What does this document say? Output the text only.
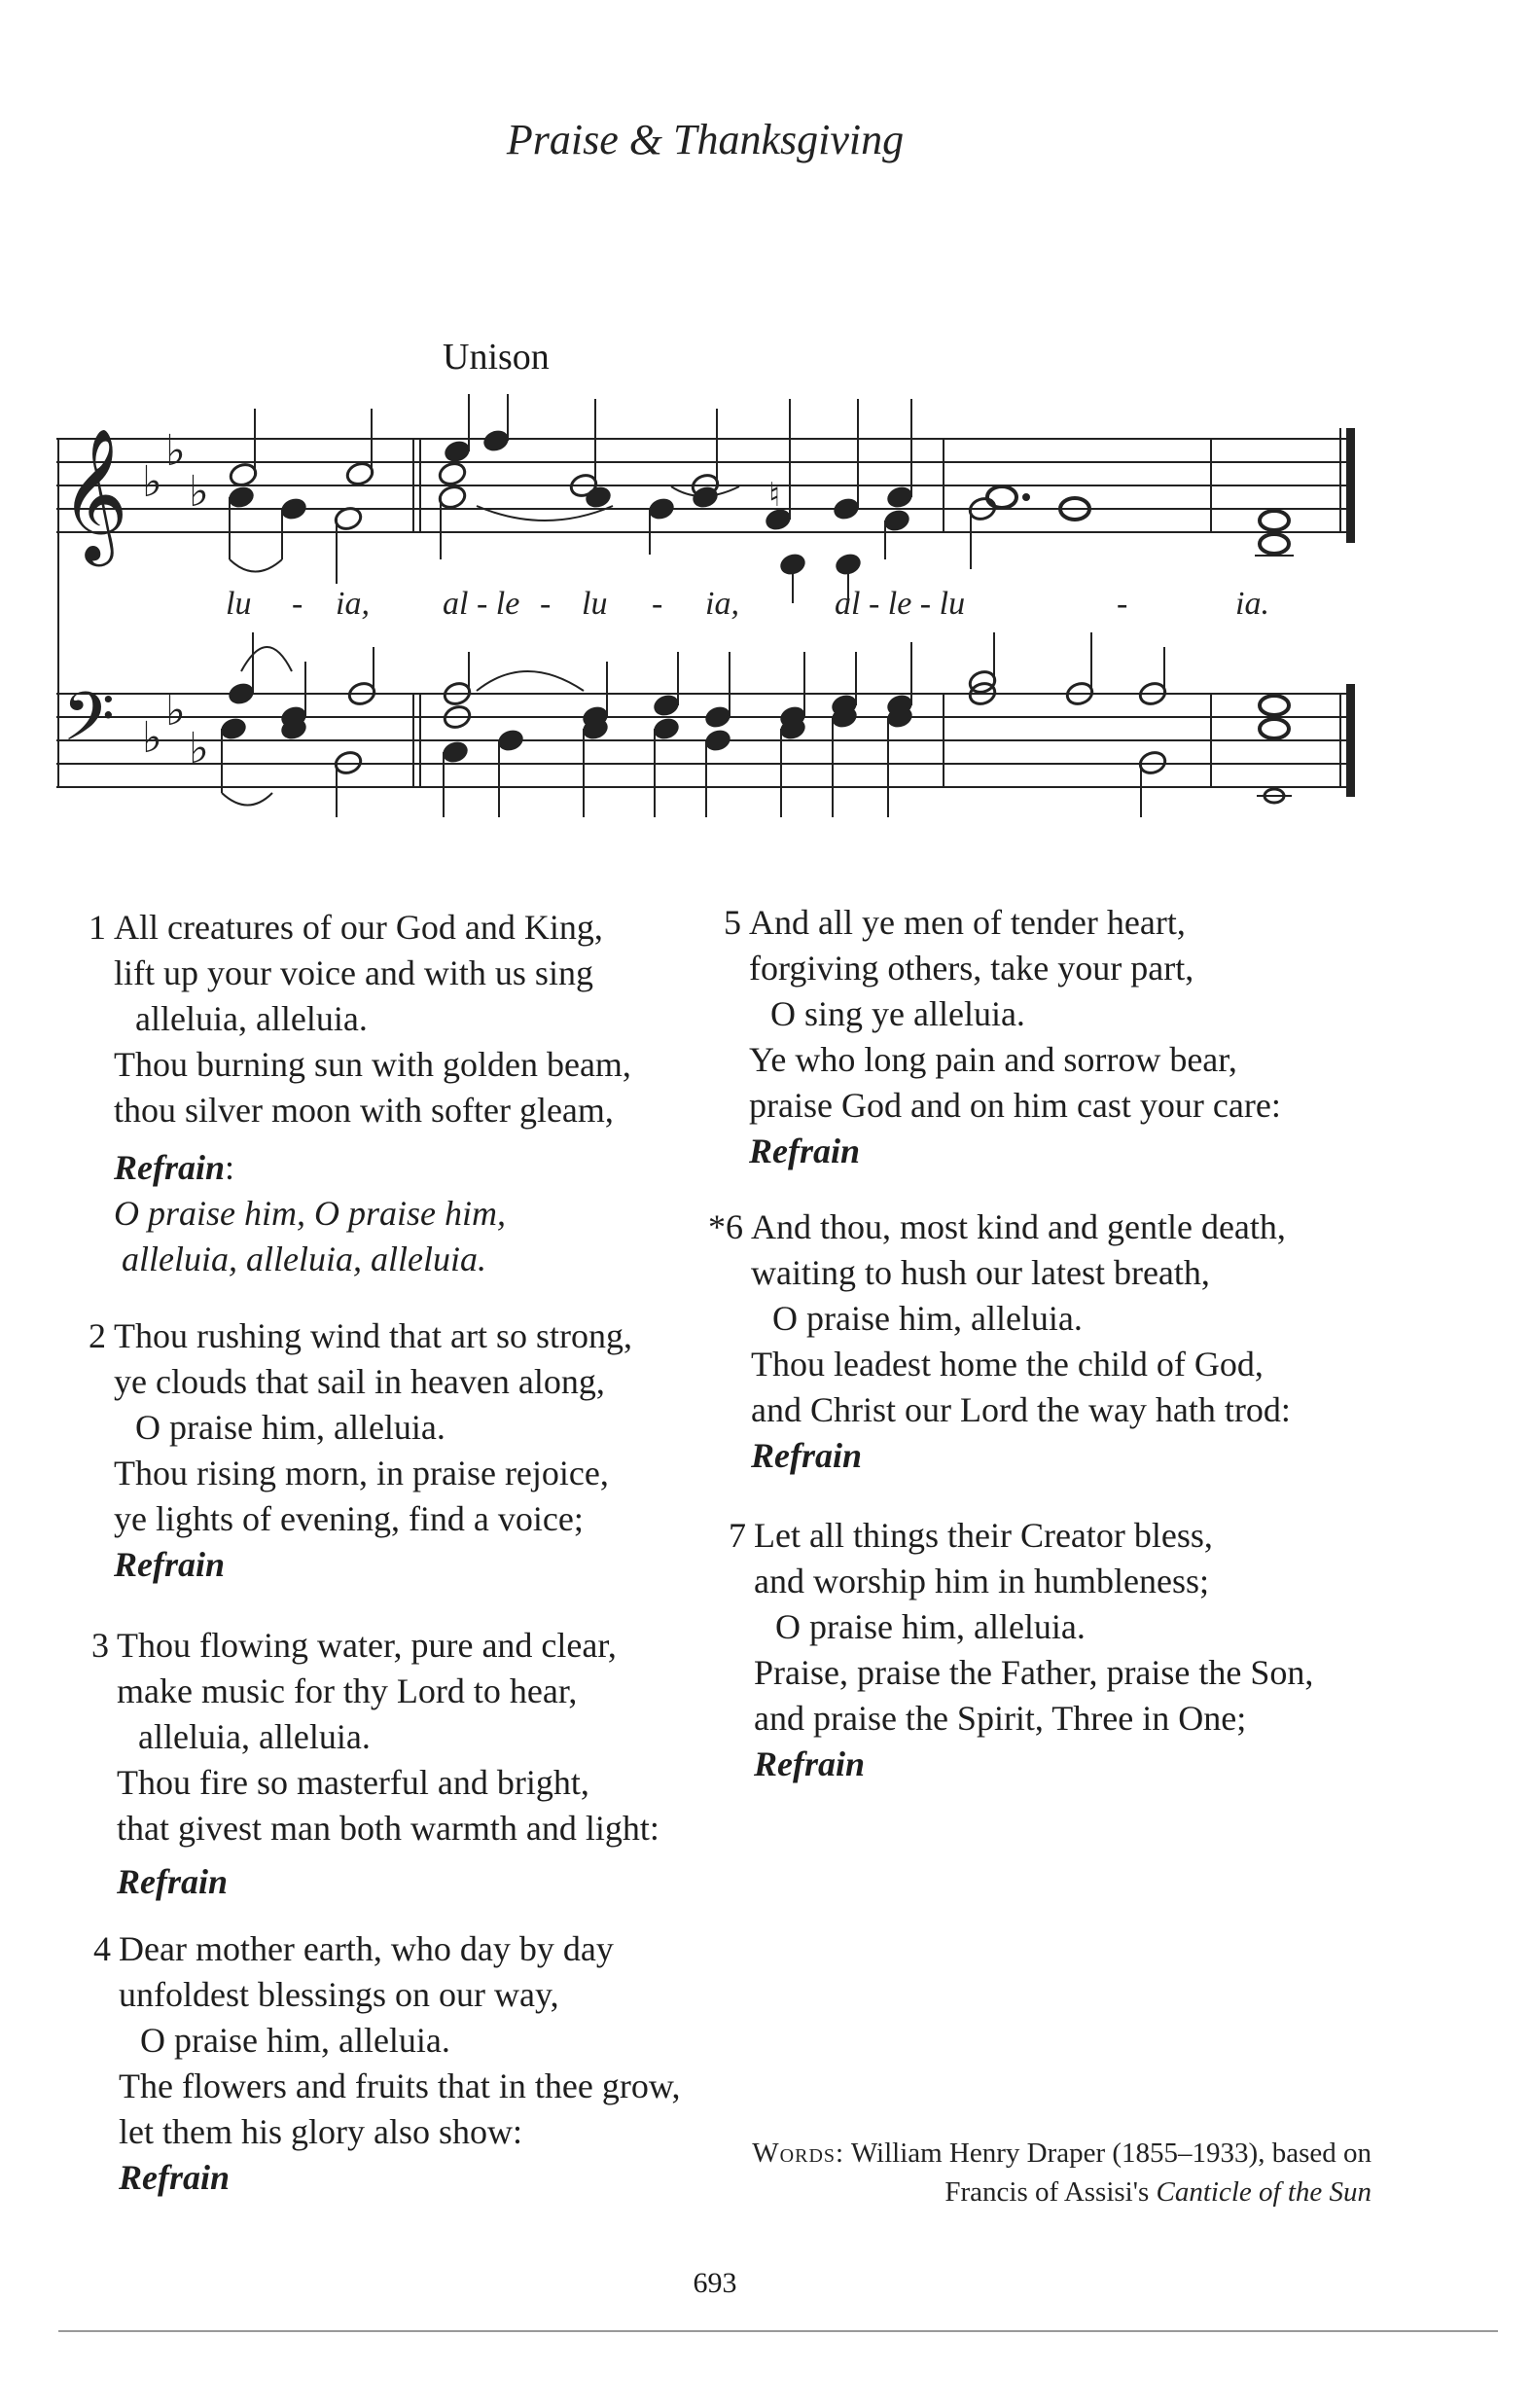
Praise & Thanksgiving
𝄞
𝄢
♭
♭
♭
♭
♭
♭
♮
Unison
lu - ia, al - le - lu - ia,	al - le - lu	-	ia.
1 All creatures of our God and King,
lift up your voice and with us sing
alleluia, alleluia.
Thou burning sun with golden beam,
thou silver moon with softer gleam,
Refrain:
O praise him, O praise him,
alleluia, alleluia, alleluia.
2 Thou rushing wind that art so strong,
ye clouds that sail in heaven along,
O praise him, alleluia.
Thou rising morn, in praise rejoice,
ye lights of evening, find a voice;
Refrain
3 Thou flowing water, pure and clear,
make music for thy Lord to hear,
alleluia, alleluia.
Thou fire so masterful and bright,
that givest man both warmth and light:
Refrain
4 Dear mother earth, who day by day
unfoldest blessings on our way,
O praise him, alleluia.
The flowers and fruits that in thee grow,
let them his glory also show:
Refrain
5 And all ye men of tender heart,
forgiving others, take your part,
O sing ye alleluia.
Ye who long pain and sorrow bear,
praise God and on him cast your care:
Refrain
*6 And thou, most kind and gentle death,
waiting to hush our latest breath,
O praise him, alleluia.
Thou leadest home the child of God,
and Christ our Lord the way hath trod:
Refrain
7 Let all things their Creator bless,
and worship him in humbleness;
O praise him, alleluia.
Praise, praise the Father, praise the Son,
and praise the Spirit, Three in One;
Refrain
Words: William Henry Draper (1855–1933), based on
Francis of Assisi's Canticle of the Sun
693
